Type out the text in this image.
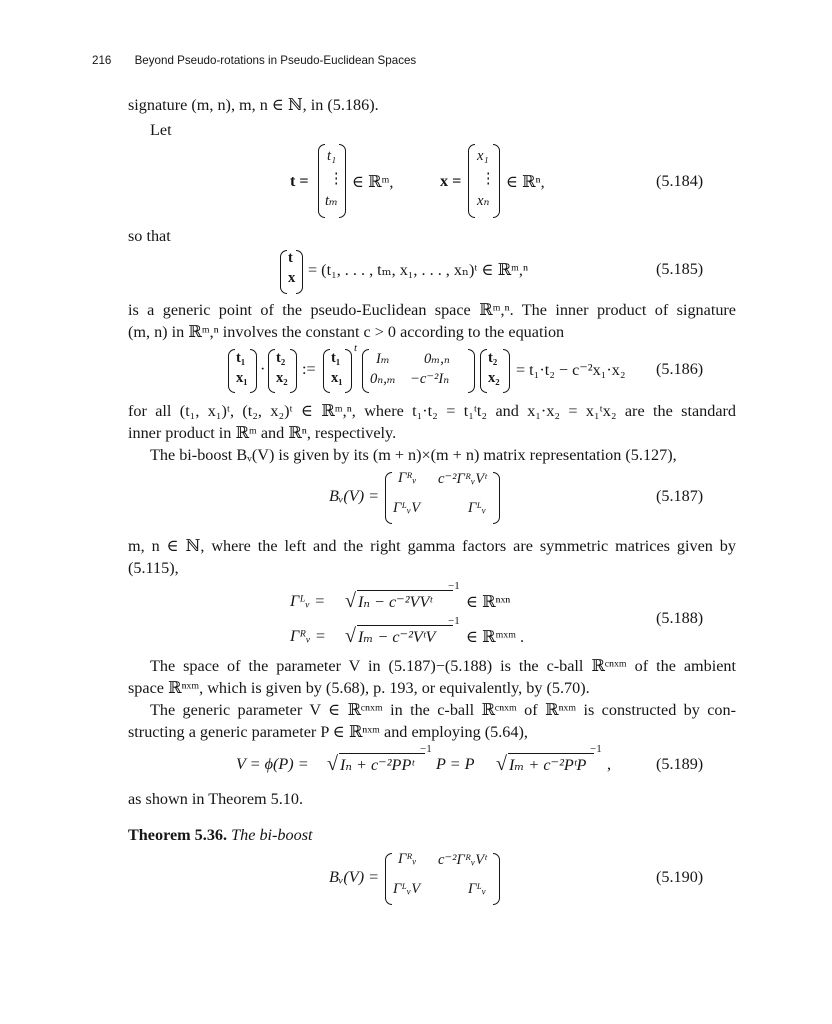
216 Beyond Pseudo-rotations in Pseudo-Euclidean Spaces
signature (m, n), m, n ∈ ℕ, in (5.186).
Let
t =
t₁
⋮
tₘ
∈ ℝᵐ,	x =
x₁
⋮
xₙ
∈ ℝⁿ,	(5.184)
so that
t
x = (t₁, . . . , tₘ, x₁, . . . , xₙ)ᵗ ∈ ℝᵐ,ⁿ	(5.185)
is a generic point of the pseudo-Euclidean space ℝᵐ,ⁿ. The inner product of signature
(m, n) in ℝᵐ,ⁿ involves the constant c > 0 according to the equation
t₁
x₁ ·
t₂
x₂ :=
t₁
x₁
t
Iₘ 0ₘ,ₙ
0ₙ,ₘ −c⁻²Iₙ
t₂
x₂ = t₁·t₂ − c⁻²x₁·x₂ (5.186)
for all (t₁, x₁)ᵗ, (t₂, x₂)ᵗ ∈ ℝᵐ,ⁿ, where t₁·t₂ = t₁ᵗt₂ and x₁·x₂ = x₁ᵗx₂ are the standard
inner product in ℝᵐ and ℝⁿ, respectively.
The bi-boost Bᵥ(V) is given by its (m + n)×(m + n) matrix representation (5.127),
Bᵥ(V) =
Γᴿᵥ c⁻²ΓᴿᵥVᵗ
ΓᴸᵥV	Γᴸᵥ
(5.187)
m, n ∈ ℕ, where the left and the right gamma factors are symmetric matrices given by
(5.115),
Γᴸᵥ = √ Iₙ − c⁻²VVᵗ
−1
∈ ℝⁿˣⁿ
Γᴿᵥ = √ Iₘ − c⁻²VᵗV
−1
∈ ℝᵐˣᵐ .
(5.188)
The space of the parameter V in (5.187)−(5.188) is the c-ball ℝᶜⁿˣᵐ of the ambient
space ℝⁿˣᵐ, which is given by (5.68), p. 193, or equivalently, by (5.70).
The generic parameter V ∈ ℝᶜⁿˣᵐ in the c-ball ℝᶜⁿˣᵐ of ℝⁿˣᵐ is constructed by con-
structing a generic parameter P ∈ ℝⁿˣᵐ and employing (5.64),
V = ϕ(P) = √ Iₙ + c⁻²PPᵗ
−1
P = P √ Iₘ + c⁻²PᵗP
−1
,	(5.189)
as shown in Theorem 5.10.
Theorem 5.36. The bi-boost
Bᵥ(V) =
Γᴿᵥ c⁻²ΓᴿᵥVᵗ
ΓᴸᵥV	Γᴸᵥ
(5.190)
